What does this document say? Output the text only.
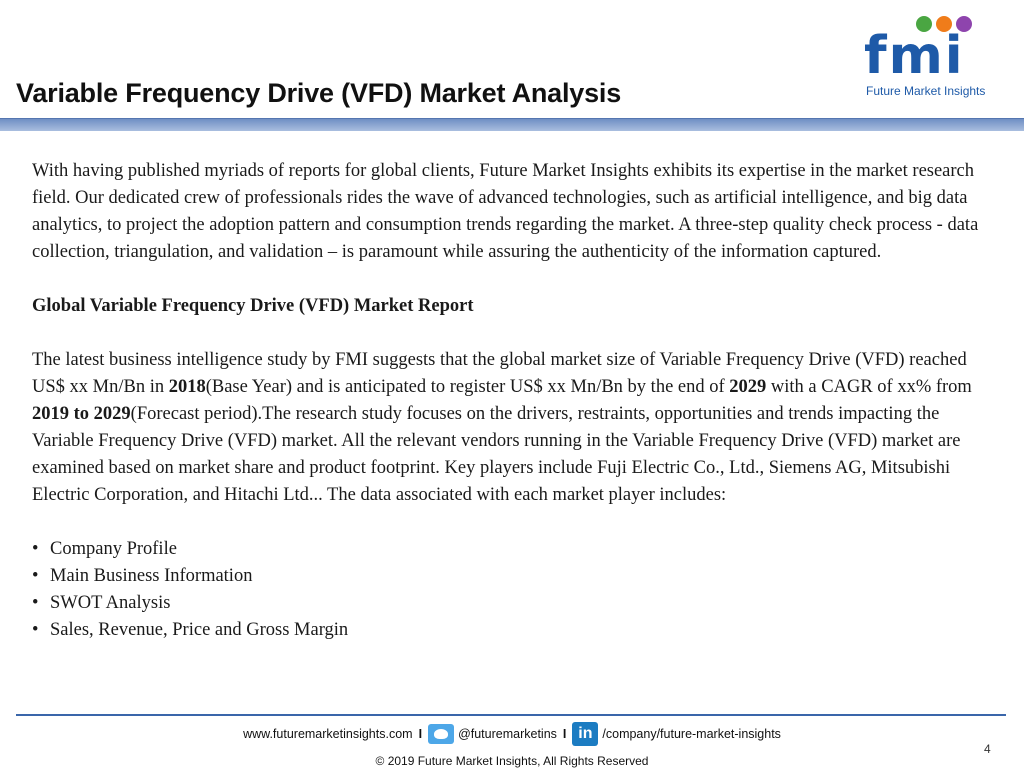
Variable Frequency Drive (VFD) Market Analysis
fmi
Future Market Insights

With having published myriads of reports for global clients, Future Market Insights exhibits its expertise in the market research field. Our dedicated crew of professionals rides the wave of advanced technologies, such as artificial intelligence, and big data analytics, to project the adoption pattern and consumption trends regarding the market. A three-step quality check process - data collection, triangulation, and validation – is paramount while assuring the authenticity of the information captured.

Global Variable Frequency Drive (VFD) Market Report

The latest business intelligence study by FMI suggests that the global market size of Variable Frequency Drive (VFD) reached US$ xx Mn/Bn in 2018(Base Year) and is anticipated to register US$ xx Mn/Bn by the end of 2029 with a CAGR of xx% from 2019 to 2029(Forecast period).The research study focuses on the drivers, restraints, opportunities and trends impacting the Variable Frequency Drive (VFD) market. All the relevant vendors running in the Variable Frequency Drive (VFD) market are examined based on market share and product footprint. Key players include Fuji Electric Co., Ltd., Siemens AG, Mitsubishi Electric Corporation, and Hitachi Ltd... The data associated with each market player includes:

• Company Profile
• Main Business Information
• SWOT Analysis
• Sales, Revenue, Price and Gross Margin
www.futuremarketinsights.com I	@futuremarketins I in /company/future-market-insights
© 2019 Future Market Insights, All Rights Reserved
4
